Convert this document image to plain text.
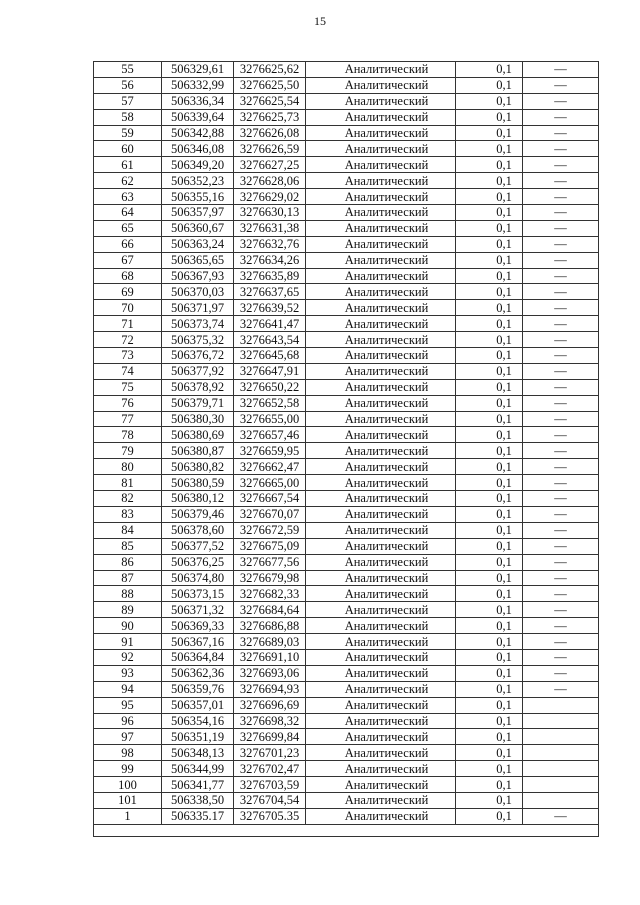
15
55	506329,61	3276625,62	Аналитический	0,1	—
56	506332,99	3276625,50	Аналитический	0,1	—
57	506336,34	3276625,54	Аналитический	0,1	—
58	506339,64	3276625,73	Аналитический	0,1	—
59	506342,88	3276626,08	Аналитический	0,1	—
60	506346,08	3276626,59	Аналитический	0,1	—
61	506349,20	3276627,25	Аналитический	0,1	—
62	506352,23	3276628,06	Аналитический	0,1	—
63	506355,16	3276629,02	Аналитический	0,1	—
64	506357,97	3276630,13	Аналитический	0,1	—
65	506360,67	3276631,38	Аналитический	0,1	—
66	506363,24	3276632,76	Аналитический	0,1	—
67	506365,65	3276634,26	Аналитический	0,1	—
68	506367,93	3276635,89	Аналитический	0,1	—
69	506370,03	3276637,65	Аналитический	0,1	—
70	506371,97	3276639,52	Аналитический	0,1	—
71	506373,74	3276641,47	Аналитический	0,1	—
72	506375,32	3276643,54	Аналитический	0,1	—
73	506376,72	3276645,68	Аналитический	0,1	—
74	506377,92	3276647,91	Аналитический	0,1	—
75	506378,92	3276650,22	Аналитический	0,1	—
76	506379,71	3276652,58	Аналитический	0,1	—
77	506380,30	3276655,00	Аналитический	0,1	—
78	506380,69	3276657,46	Аналитический	0,1	—
79	506380,87	3276659,95	Аналитический	0,1	—
80	506380,82	3276662,47	Аналитический	0,1	—
81	506380,59	3276665,00	Аналитический	0,1	—
82	506380,12	3276667,54	Аналитический	0,1	—
83	506379,46	3276670,07	Аналитический	0,1	—
84	506378,60	3276672,59	Аналитический	0,1	—
85	506377,52	3276675,09	Аналитический	0,1	—
86	506376,25	3276677,56	Аналитический	0,1	—
87	506374,80	3276679,98	Аналитический	0,1	—
88	506373,15	3276682,33	Аналитический	0,1	—
89	506371,32	3276684,64	Аналитический	0,1	—
90	506369,33	3276686,88	Аналитический	0,1	—
91	506367,16	3276689,03	Аналитический	0,1	—
92	506364,84	3276691,10	Аналитический	0,1	—
93	506362,36	3276693,06	Аналитический	0,1	—
94	506359,76	3276694,93	Аналитический	0,1	—
95	506357,01	3276696,69	Аналитический	0,1	
96	506354,16	3276698,32	Аналитический	0,1	
97	506351,19	3276699,84	Аналитический	0,1	
98	506348,13	3276701,23	Аналитический	0,1	
99	506344,99	3276702,47	Аналитический	0,1	
100	506341,77	3276703,59	Аналитический	0,1	
101	506338,50	3276704,54	Аналитический	0,1	
1	506335.17	3276705.35	Аналитический	0,1	—
